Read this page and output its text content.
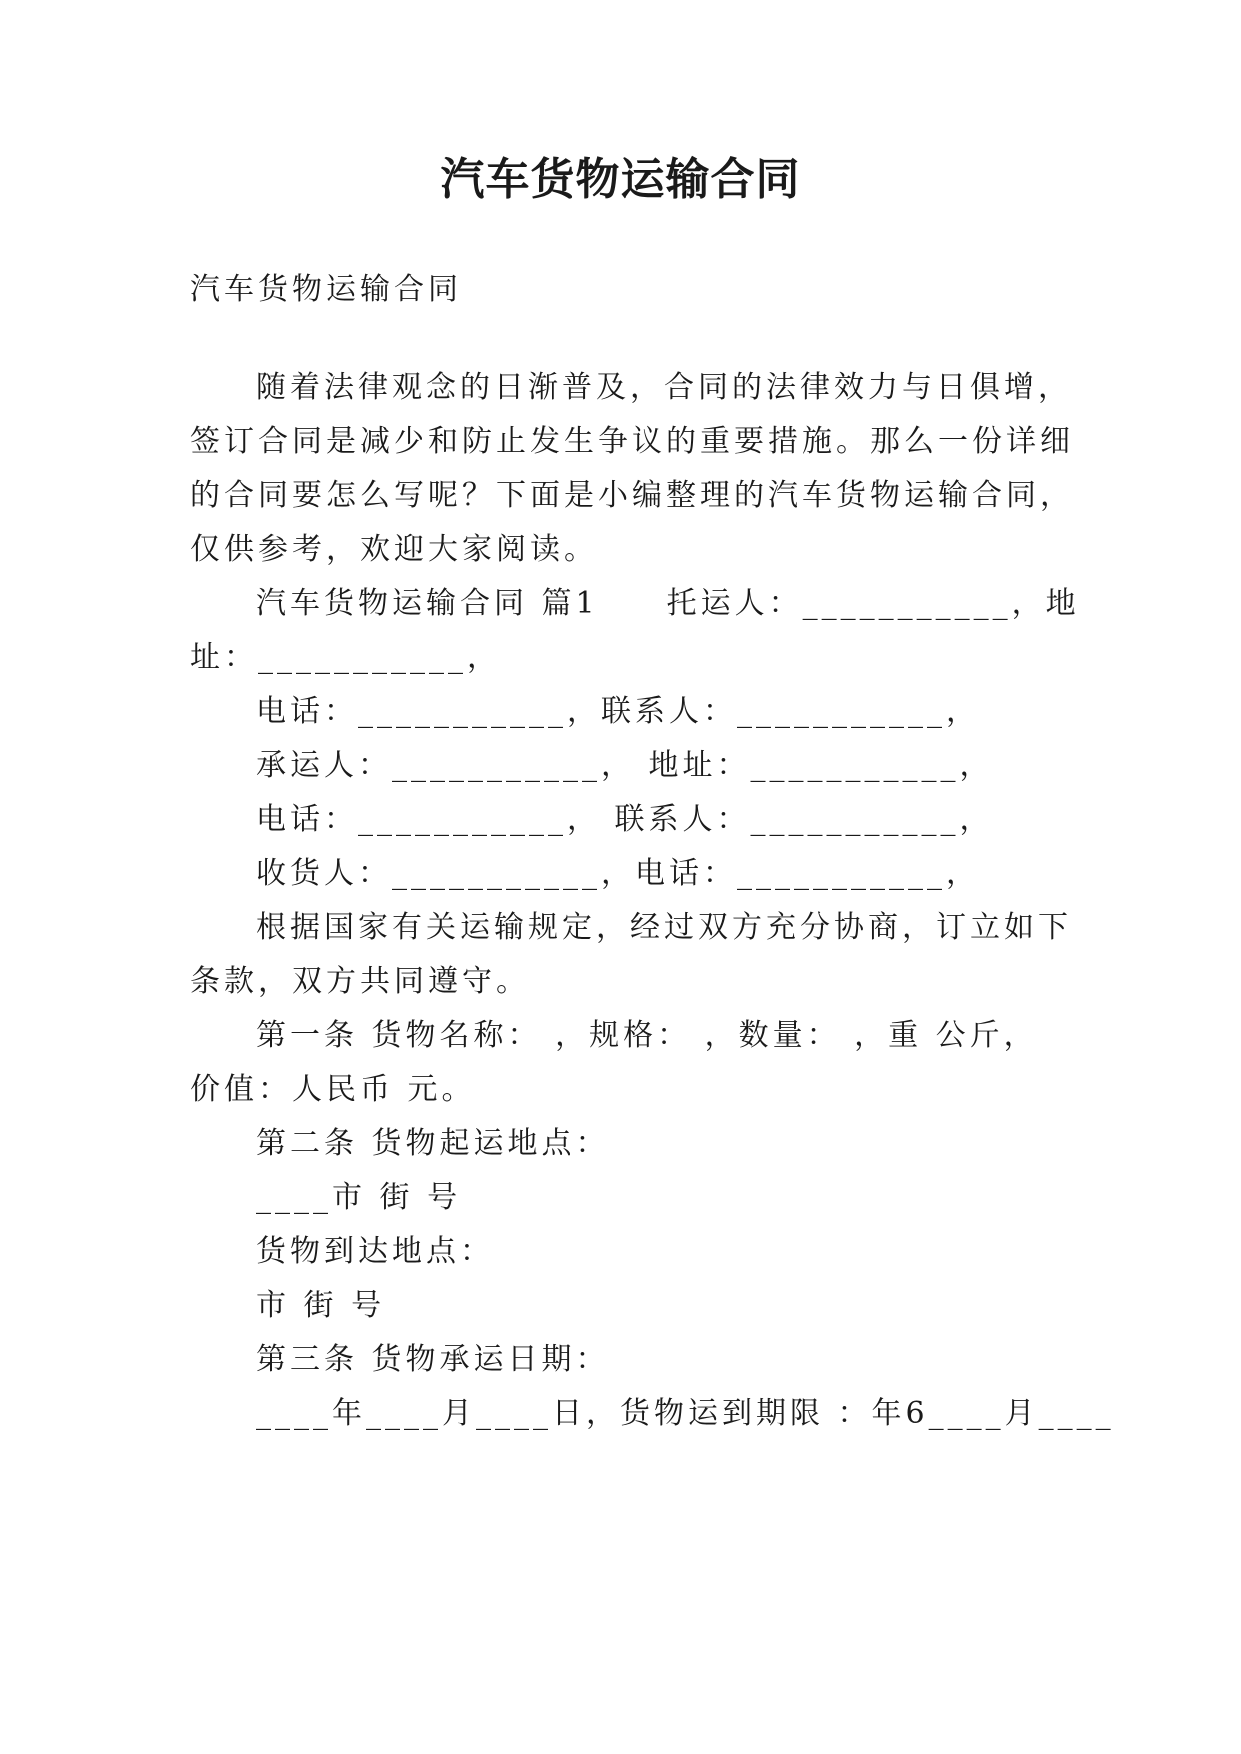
汽车货物运输合同
汽车货物运输合同
随着法律观念的日渐普及，合同的法律效力与日俱增，
签订合同是减少和防止发生争议的重要措施。那么一份详细
的合同要怎么写呢？下面是小编整理的汽车货物运输合同，
仅供参考，欢迎大家阅读。
汽车货物运输合同 篇1　　托运人：___________，地
址：___________，
电话：___________，联系人：___________，
承运人：___________， 地址：___________，
电话：___________， 联系人：___________，
收货人：___________，电话：___________，
根据国家有关运输规定，经过双方充分协商，订立如下
条款，双方共同遵守。
第一条 货物名称： ，规格： ，数量： ，重 公斤，
价值：人民币 元。
第二条 货物起运地点：
____市 街 号
货物到达地点：
市 街 号
第三条 货物承运日期：
____年____月____日，货物运到期限 ：年6____月____
